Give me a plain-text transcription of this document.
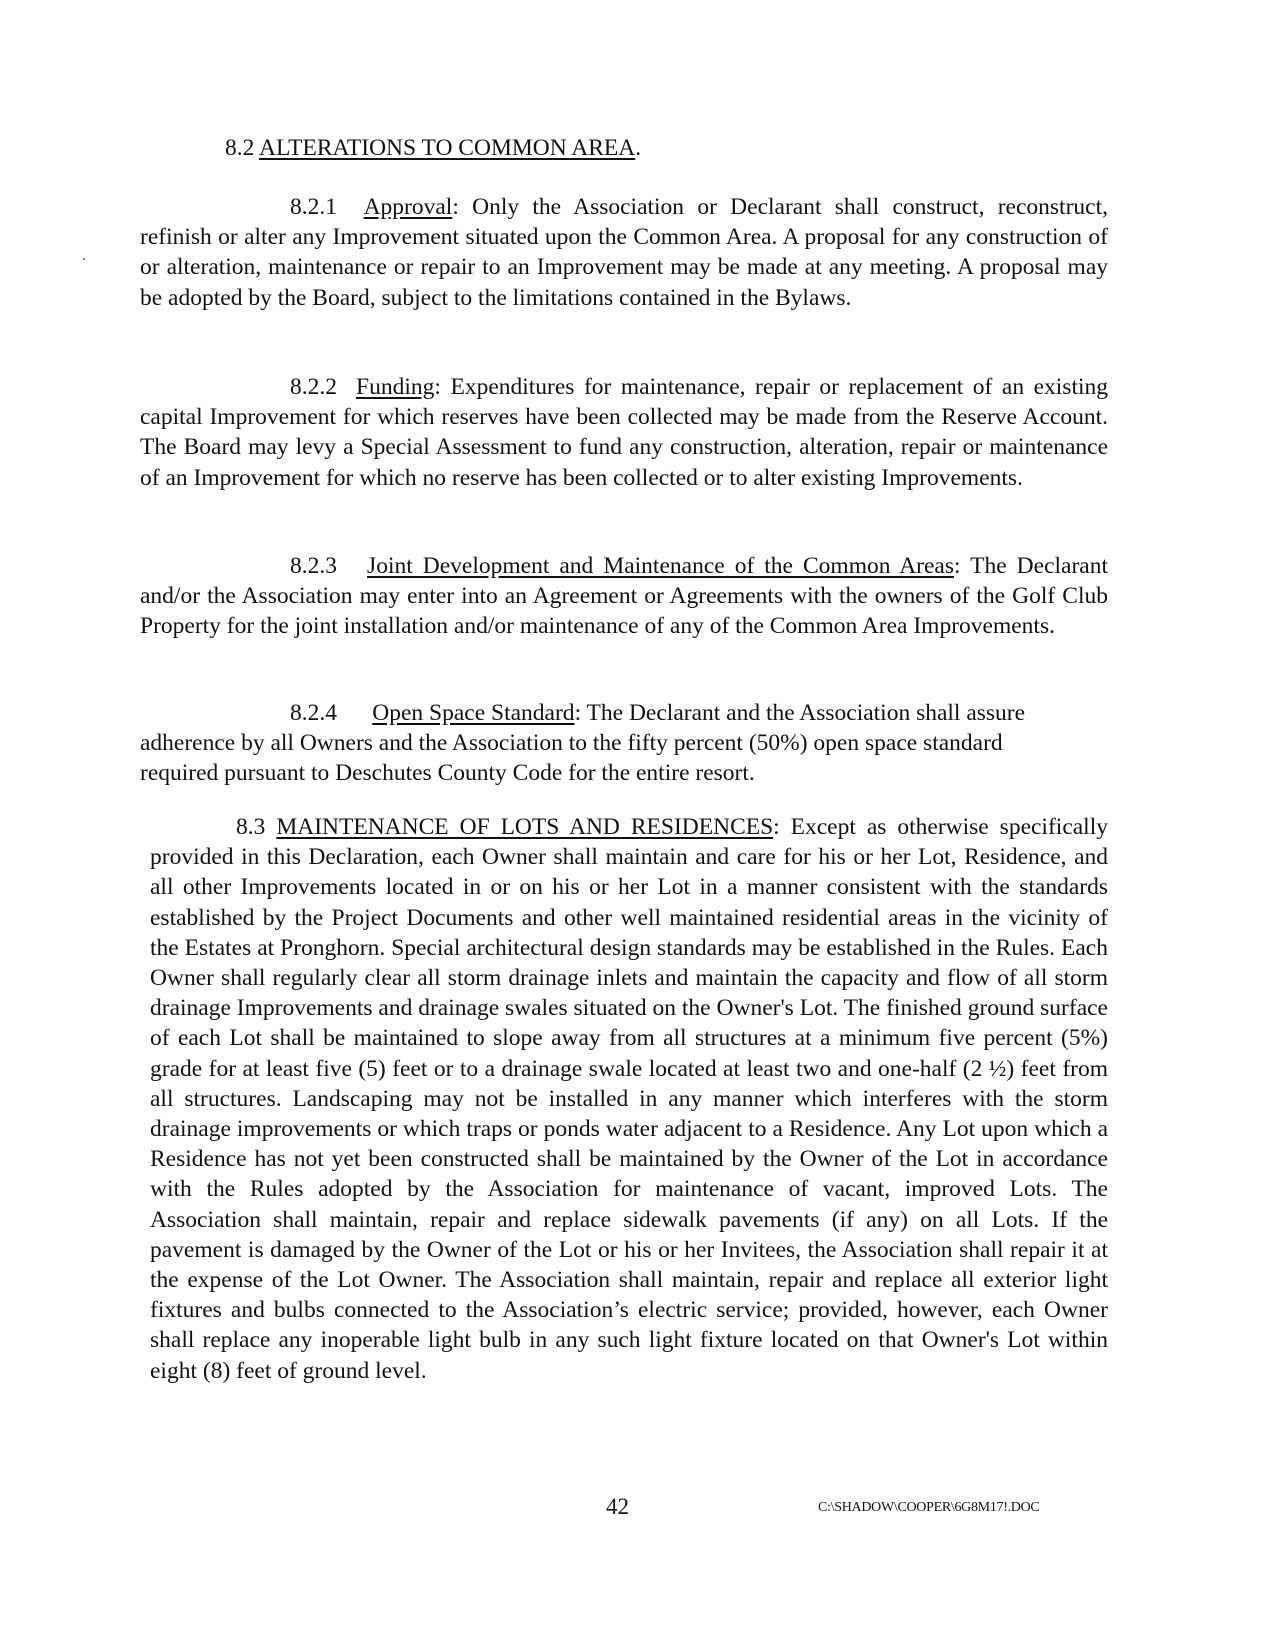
8.2 ALTERATIONS TO COMMON AREA.

8.2.1 Approval: Only the Association or Declarant shall construct, reconstruct, refinish or alter any Improvement situated upon the Common Area. A proposal for any construction of or alteration, maintenance or repair to an Improvement may be made at any meeting. A proposal may be adopted by the Board, subject to the limitations contained in the Bylaws.

8.2.2 Funding: Expenditures for maintenance, repair or replacement of an existing capital Improvement for which reserves have been collected may be made from the Reserve Account. The Board may levy a Special Assessment to fund any construction, alteration, repair or maintenance of an Improvement for which no reserve has been collected or to alter existing Improvements.

8.2.3 Joint Development and Maintenance of the Common Areas: The Declarant and/or the Association may enter into an Agreement or Agreements with the owners of the Golf Club Property for the joint installation and/or maintenance of any of the Common Area Improvements.

8.2.4 Open Space Standard: The Declarant and the Association shall assure adherence by all Owners and the Association to the fifty percent (50%) open space standard required pursuant to Deschutes County Code for the entire resort.

8.3 MAINTENANCE OF LOTS AND RESIDENCES: Except as otherwise specifically provided in this Declaration, each Owner shall maintain and care for his or her Lot, Residence, and all other Improvements located in or on his or her Lot in a manner consistent with the standards established by the Project Documents and other well maintained residential areas in the vicinity of the Estates at Pronghorn. Special architectural design standards may be established in the Rules. Each Owner shall regularly clear all storm drainage inlets and maintain the capacity and flow of all storm drainage Improvements and drainage swales situated on the Owner's Lot. The finished ground surface of each Lot shall be maintained to slope away from all structures at a minimum five percent (5%) grade for at least five (5) feet or to a drainage swale located at least two and one-half (2 ½) feet from all structures. Landscaping may not be installed in any manner which interferes with the storm drainage improvements or which traps or ponds water adjacent to a Residence. Any Lot upon which a Residence has not yet been constructed shall be maintained by the Owner of the Lot in accordance with the Rules adopted by the Association for maintenance of vacant, improved Lots. The Association shall maintain, repair and replace sidewalk pavements (if any) on all Lots. If the pavement is damaged by the Owner of the Lot or his or her Invitees, the Association shall repair it at the expense of the Lot Owner. The Association shall maintain, repair and replace all exterior light fixtures and bulbs connected to the Association’s electric service; provided, however, each Owner shall replace any inoperable light bulb in any such light fixture located on that Owner's Lot within eight (8) feet of ground level.

42	C:\SHADOW\COOPER\6G8M17!.DOC
